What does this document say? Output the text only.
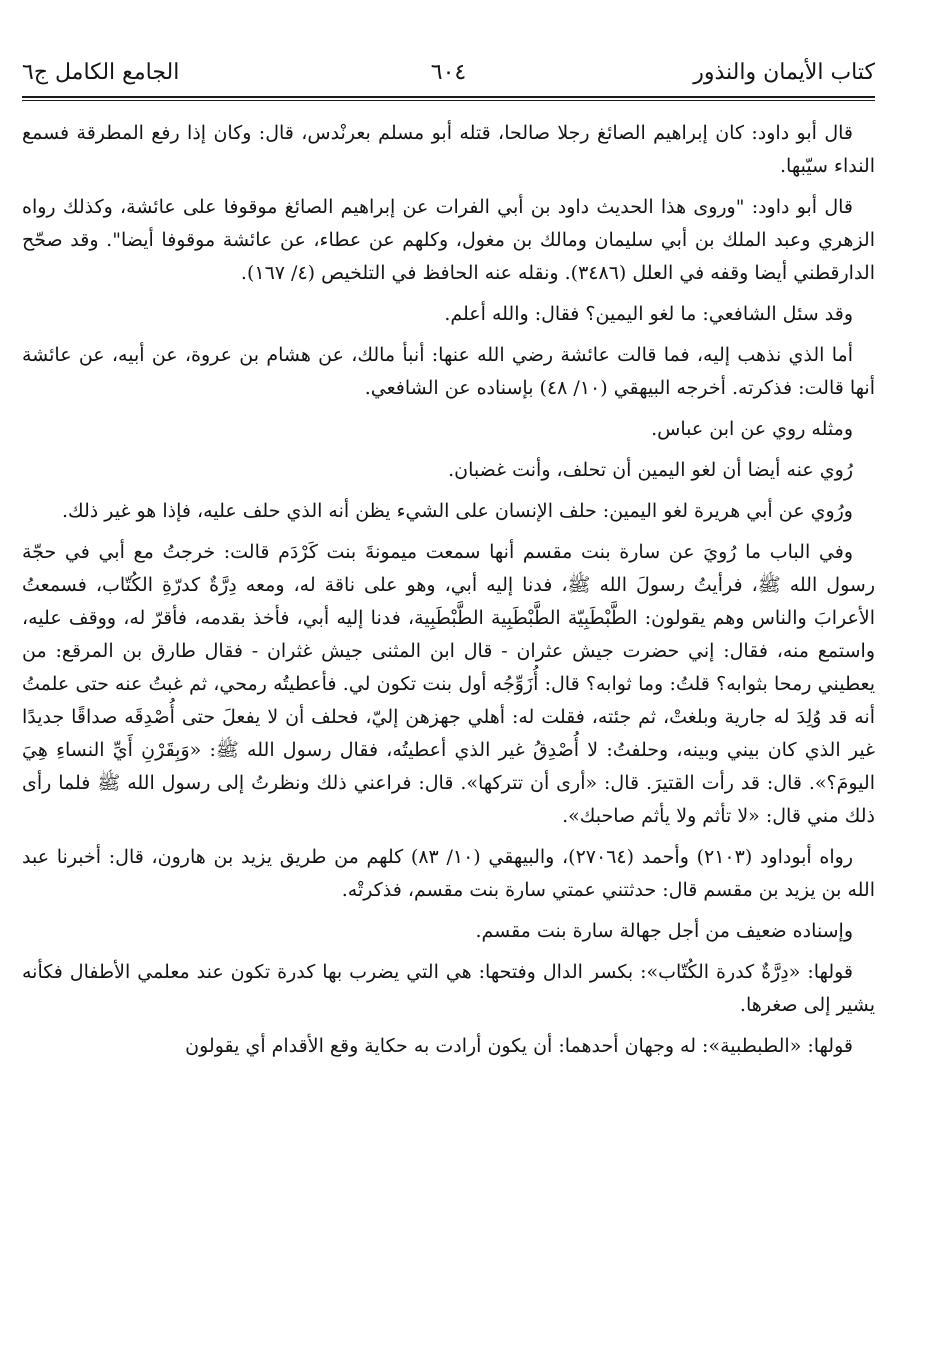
كتاب الأيمان والنذور
٦٠٤
الجامع الكامل ج٦

قال أبو داود: كان إبراهيم الصائغ رجلا صالحا، قتله أبو مسلم بعرنْدس، قال: وكان إذا رفع المطرقة فسمع النداء سيّبها.

قال أبو داود: "وروى هذا الحديث داود بن أبي الفرات عن إبراهيم الصائغ موقوفا على عائشة، وكذلك رواه الزهري وعبد الملك بن أبي سليمان ومالك بن مغول، وكلهم عن عطاء، عن عائشة موقوفا أيضا". وقد صحّح الدارقطني أيضا وقفه في العلل (٣٤٨٦). ونقله عنه الحافظ في التلخيص (٤/ ١٦٧).

وقد سئل الشافعي: ما لغو اليمين؟ فقال: والله أعلم.

أما الذي نذهب إليه، فما قالت عائشة رضي الله عنها: أنبأ مالك، عن هشام بن عروة، عن أبيه، عن عائشة أنها قالت: فذكرته. أخرجه البيهقي (١٠/ ٤٨) بإسناده عن الشافعي.

ومثله روي عن ابن عباس.

رُوي عنه أيضا أن لغو اليمين أن تحلف، وأنت غضبان.

ورُوي عن أبي هريرة لغو اليمين: حلف الإنسان على الشيء يظن أنه الذي حلف عليه، فإذا هو غير ذلك.

وفي الباب ما رُويَ عن سارة بنت مقسم أنها سمعت ميمونةَ بنت كَرْدَم قالت: خرجتُ مع أبي في حجّة رسول الله ﷺ، فرأيتُ رسولَ الله ﷺ، فدنا إليه أبي، وهو على ناقة له، ومعه دِرَّةٌ كدرّةِ الكُتّاب، فسمعتُ الأعرابَ والناس وهم يقولون: الطَّبْطَبِيّة الطَّبْطَبِية الطَّبْطَبِية، فدنا إليه أبي، فأخذ بقدمه، فأقرّ له، ووقف عليه، واستمع منه، فقال: إني حضرت جيش عثران - قال ابن المثنى جيش غثران - فقال طارق بن المرقع: من يعطيني رمحا بثوابه؟ قلتُ: وما ثوابه؟ قال: أُزَوِّجُه أول بنت تكون لي. فأعطيتُه رمحي، ثم غبتُ عنه حتى علمتُ أنه قد وُلِدَ له جارية وبلغتْ، ثم جئته، فقلت له: أهلي جهزهن إليّ، فحلف أن لا يفعلَ حتى أُصْدِقَه صداقًا جديدًا غير الذي كان بيني وبينه، وحلفتُ: لا أُصْدِقُ غير الذي أعطيتُه، فقال رسول الله ﷺ: «وَبِقَرْنِ أَيِّ النساءِ هِيَ اليومَ؟». قال: قد رأت القتيرَ. قال: «أرى أن تتركها». قال: فراعني ذلك ونظرتُ إلى رسول الله ﷺ فلما رأى ذلك مني قال: «لا تأثم ولا يأثم صاحبك».

رواه أبوداود (٢١٠٣) وأحمد (٢٧٠٦٤)، والبيهقي (١٠/ ٨٣) كلهم من طريق يزيد بن هارون، قال: أخبرنا عبد الله بن يزيد بن مقسم قال: حدثتني عمتي سارة بنت مقسم، فذكرتْه.

وإسناده ضعيف من أجل جهالة سارة بنت مقسم.

قولها: «دِرَّةٌ كدرة الكُتّاب»: بكسر الدال وفتحها: هي التي يضرب بها كدرة تكون عند معلمي الأطفال فكأنه يشير إلى صغرها.

قولها: «الطبطبية»: له وجهان أحدهما: أن يكون أرادت به حكاية وقع الأقدام أي يقولون
